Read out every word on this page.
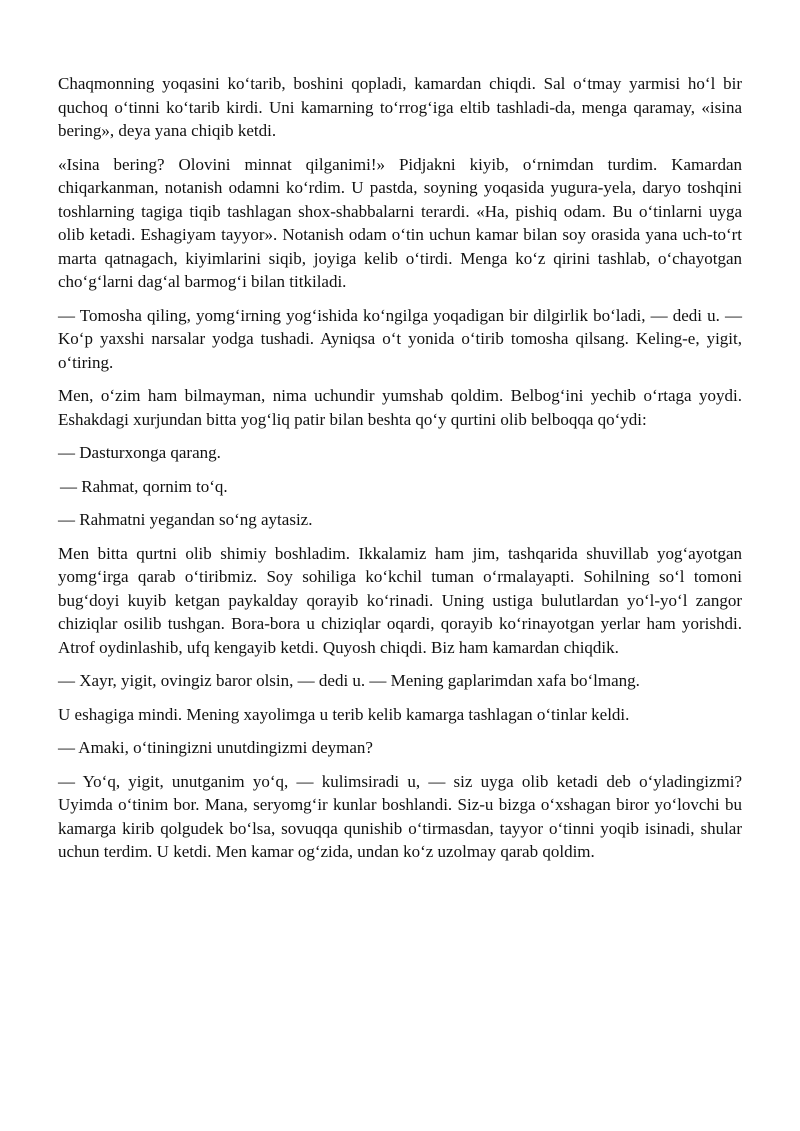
Chaqmonning yoqasini ko‘tarib, boshini qopladi, kamardan chiqdi. Sal o‘tmay yarmisi ho‘l bir quchoq o‘tinni ko‘tarib kirdi. Uni kamarning to‘rrog‘iga eltib tashladi-da, menga qaramay, «isina bering», deya yana chiqib ketdi.

«Isina bering? Olovini minnat qilganimi!» Pidjakni kiyib, o‘rnimdan turdim. Kamardan chiqarkanman, notanish odamni ko‘rdim. U pastda, soyning yoqasida yugura-yela, daryo toshqini toshlarning tagiga tiqib tashlagan shox-shabbalarni terardi. «Ha, pishiq odam. Bu o‘tinlarni uyga olib ketadi. Eshagiyam tayyor». Notanish odam o‘tin uchun kamar bilan soy orasida yana uch-to‘rt marta qatnagach, kiyimlarini siqib, joyiga kelib o‘tirdi. Menga ko‘z qirini tashlab, o‘chayotgan cho‘g‘larni dag‘al barmog‘i bilan titkiladi.

— Tomosha qiling, yomg‘irning yog‘ishida ko‘ngilga yoqadigan bir dilgirlik bo‘ladi, — dedi u. — Ko‘p yaxshi narsalar yodga tushadi. Ayniqsa o‘t yonida o‘tirib tomosha qilsang. Keling-e, yigit, o‘tiring.

Men, o‘zim ham bilmayman, nima uchundir yumshab qoldim. Belbog‘ini yechib o‘rtaga yoydi. Eshakdagi xurjundan bitta yog‘liq patir bilan beshta qo‘y qurtini olib belboqqa qo‘ydi:

— Dasturxonga qarang.

— Rahmat, qornim to‘q.

— Rahmatni yegandan so‘ng aytasiz.

Men bitta qurtni olib shimiy boshladim. Ikkalamiz ham jim, tashqarida shuvillab yog‘ayotgan yomg‘irga qarab o‘tiribmiz. Soy sohiliga ko‘kchil tuman o‘rmalayapti. Sohilning so‘l tomoni bug‘doyi kuyib ketgan paykalday qorayib ko‘rinadi. Uning ustiga bulutlardan yo‘l-yo‘l zangor chiziqlar osilib tushgan. Bora-bora u chiziqlar oqardi, qorayib ko‘rinayotgan yerlar ham yorishdi. Atrof oydinlashib, ufq kengayib ketdi. Quyosh chiqdi. Biz ham kamardan chiqdik.

— Xayr, yigit, ovingiz baror olsin, — dedi u. — Mening gaplarimdan xafa bo‘lmang.

U eshagiga mindi. Mening xayolimga u terib kelib kamarga tashlagan o‘tinlar keldi.

— Amaki, o‘tiningizni unutdingizmi deyman?

— Yo‘q, yigit, unutganim yo‘q, — kulimsiradi u, — siz uyga olib ketadi deb o‘yladingizmi? Uyimda o‘tinim bor. Mana, seryomg‘ir kunlar boshlandi. Siz-u bizga o‘xshagan biror yo‘lovchi bu kamarga kirib qolgudek bo‘lsa, sovuqqa qunishib o‘tirmasdan, tayyor o‘tinni yoqib isinadi, shular uchun terdim. U ketdi. Men kamar og‘zida, undan ko‘z uzolmay qarab qoldim.
